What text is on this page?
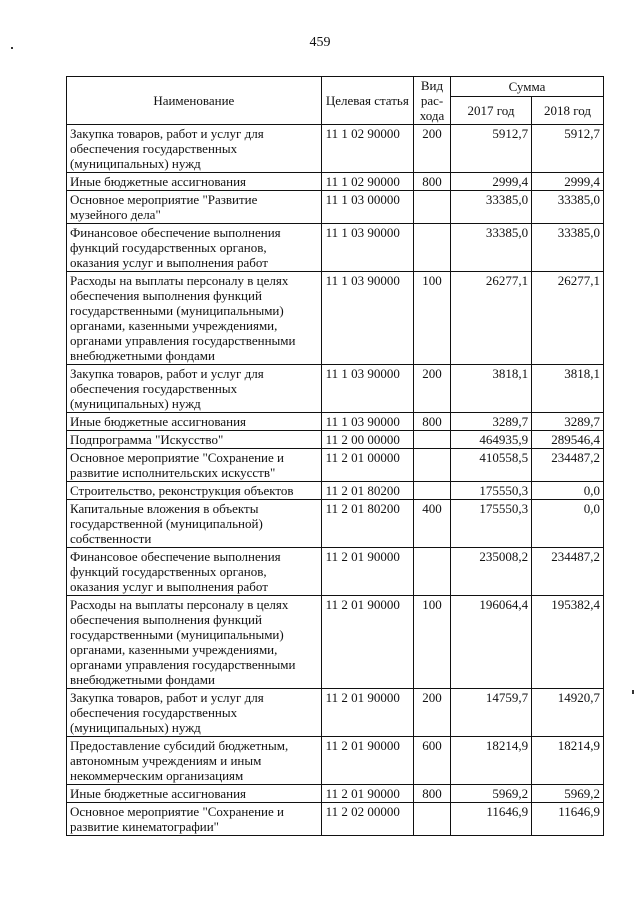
459
Наименование	Целевая статья	Вид рас-хода	Сумма	
			2017 год	2018 год
Закупка товаров, работ и услуг для обеспечения государственных (муниципальных) нужд	11 1 02 90000	200	5912,7	5912,7
Иные бюджетные ассигнования	11 1 02 90000	800	2999,4	2999,4
Основное мероприятие "Развитие музейного дела"	11 1 03 00000		33385,0	33385,0
Финансовое обеспечение выполнения функций государственных органов, оказания услуг и выполнения работ	11 1 03 90000		33385,0	33385,0
Расходы на выплаты персоналу в целях обеспечения выполнения функций государственными (муниципальными) органами, казенными учреждениями, органами управления государственными внебюджетными фондами	11 1 03 90000	100	26277,1	26277,1
Закупка товаров, работ и услуг для обеспечения государственных (муниципальных) нужд	11 1 03 90000	200	3818,1	3818,1
Иные бюджетные ассигнования	11 1 03 90000	800	3289,7	3289,7
Подпрограмма "Искусство"	11 2 00 00000		464935,9	289546,4
Основное мероприятие "Сохранение и развитие исполнительских искусств"	11 2 01 00000		410558,5	234487,2
Строительство, реконструкция объектов	11 2 01 80200		175550,3	0,0
Капитальные вложения в объекты государственной (муниципальной) собственности	11 2 01 80200	400	175550,3	0,0
Финансовое обеспечение выполнения функций государственных органов, оказания услуг и выполнения работ	11 2 01 90000		235008,2	234487,2
Расходы на выплаты персоналу в целях обеспечения выполнения функций государственными (муниципальными) органами, казенными учреждениями, органами управления государственными внебюджетными фондами	11 2 01 90000	100	196064,4	195382,4
Закупка товаров, работ и услуг для обеспечения государственных (муниципальных) нужд	11 2 01 90000	200	14759,7	14920,7
Предоставление субсидий бюджетным, автономным учреждениям и иным некоммерческим организациям	11 2 01 90000	600	18214,9	18214,9
Иные бюджетные ассигнования	11 2 01 90000	800	5969,2	5969,2
Основное мероприятие "Сохранение и развитие кинематографии"	11 2 02 00000		11646,9	11646,9
